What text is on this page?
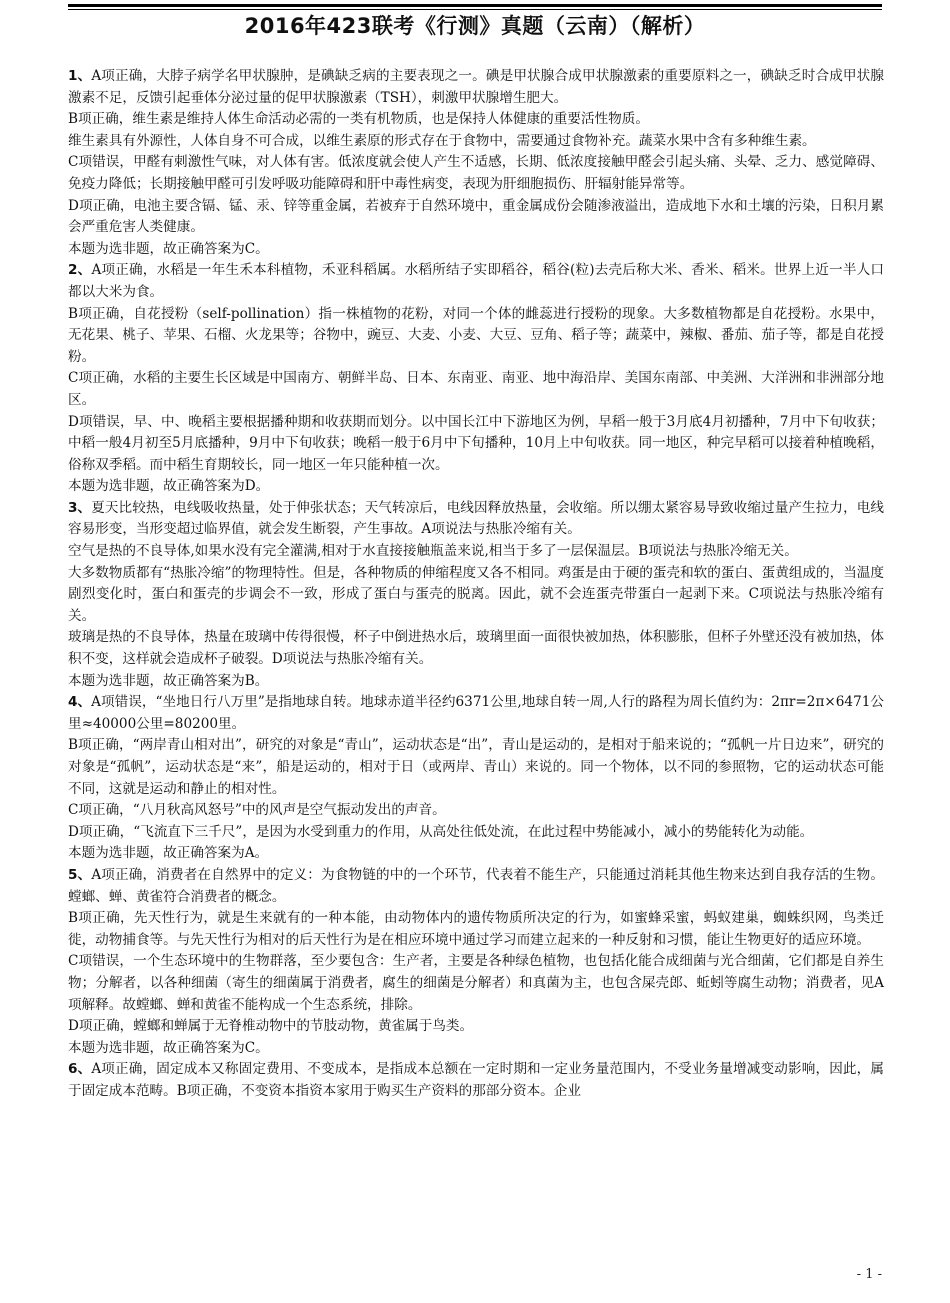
2016年423联考《行测》真题（云南）（解析）

1、A项正确，大脖子病学名甲状腺肿，是碘缺乏病的主要表现之一。碘是甲状腺合成甲状腺激素的重要原料之一，碘缺乏时合成甲状腺激素不足，反馈引起垂体分泌过量的促甲状腺激素（TSH），刺激甲状腺增生肥大。

B项正确，维生素是维持人体生命活动必需的一类有机物质，也是保持人体健康的重要活性物质。

维生素具有外源性，人体自身不可合成，以维生素原的形式存在于食物中，需要通过食物补充。蔬菜水果中含有多种维生素。

C项错误，甲醛有刺激性气味，对人体有害。低浓度就会使人产生不适感，长期、低浓度接触甲醛会引起头痛、头晕、乏力、感觉障碍、免疫力降低；长期接触甲醛可引发呼吸功能障碍和肝中毒性病变，表现为肝细胞损伤、肝辐射能异常等。

D项正确，电池主要含镉、锰、汞、锌等重金属，若被弃于自然环境中，重金属成份会随渗液溢出，造成地下水和土壤的污染，日积月累会严重危害人类健康。

本题为选非题，故正确答案为C。

2、A项正确，水稻是一年生禾本科植物，禾亚科稻属。水稻所结子实即稻谷，稻谷(粒)去壳后称大米、香米、稻米。世界上近一半人口都以大米为食。

B项正确，自花授粉（self-pollination）指一株植物的花粉，对同一个体的雌蕊进行授粉的现象。大多数植物都是自花授粉。水果中，无花果、桃子、苹果、石榴、火龙果等；谷物中，豌豆、大麦、小麦、大豆、豆角、稻子等；蔬菜中，辣椒、番茄、茄子等，都是自花授粉。

C项正确，水稻的主要生长区域是中国南方、朝鲜半岛、日本、东南亚、南亚、地中海沿岸、美国东南部、中美洲、大洋洲和非洲部分地区。

D项错误，早、中、晚稻主要根据播种期和收获期而划分。以中国长江中下游地区为例，早稻一般于3月底4月初播种，7月中下旬收获；中稻一般4月初至5月底播种，9月中下旬收获；晚稻一般于6月中下旬播种，10月上中旬收获。同一地区，种完早稻可以接着种植晚稻，俗称双季稻。而中稻生育期较长，同一地区一年只能种植一次。

本题为选非题，故正确答案为D。

3、夏天比较热，电线吸收热量，处于伸张状态；天气转凉后，电线因释放热量，会收缩。所以绷太紧容易导致收缩过量产生拉力，电线容易形变，当形变超过临界值，就会发生断裂，产生事故。A项说法与热胀冷缩有关。

空气是热的不良导体,如果水没有完全灌满,相对于水直接接触瓶盖来说,相当于多了一层保温层。B项说法与热胀冷缩无关。

大多数物质都有“热胀冷缩”的物理特性。但是，各种物质的伸缩程度又各不相同。鸡蛋是由于硬的蛋壳和软的蛋白、蛋黄组成的，当温度剧烈变化时，蛋白和蛋壳的步调会不一致，形成了蛋白与蛋壳的脱离。因此，就不会连蛋壳带蛋白一起剥下来。C项说法与热胀冷缩有关。

玻璃是热的不良导体，热量在玻璃中传得很慢，杯子中倒进热水后，玻璃里面一面很快被加热，体积膨胀，但杯子外壁还没有被加热，体积不变，这样就会造成杯子破裂。D项说法与热胀冷缩有关。

本题为选非题，故正确答案为B。

4、A项错误，“坐地日行八万里”是指地球自转。地球赤道半径约6371公里,地球自转一周,人行的路程为周长值约为：2πr=2π×6471公里≈40000公里=80200里。

B项正确，“两岸青山相对出”，研究的对象是“青山”，运动状态是“出”，青山是运动的，是相对于船来说的；“孤帆一片日边来”，研究的对象是“孤帆”，运动状态是“来”，船是运动的，相对于日（或两岸、青山）来说的。同一个物体，以不同的参照物，它的运动状态可能不同，这就是运动和静止的相对性。

C项正确，“八月秋高风怒号”中的风声是空气振动发出的声音。

D项正确，“飞流直下三千尺”，是因为水受到重力的作用，从高处往低处流，在此过程中势能减小，减小的势能转化为动能。

本题为选非题，故正确答案为A。

5、A项正确，消费者在自然界中的定义：为食物链的中的一个环节，代表着不能生产，只能通过消耗其他生物来达到自我存活的生物。螳螂、蝉、黄雀符合消费者的概念。

B项正确，先天性行为，就是生来就有的一种本能，由动物体内的遗传物质所决定的行为，如蜜蜂采蜜，蚂蚁建巢，蜘蛛织网，鸟类迁徙，动物捕食等。与先天性行为相对的后天性行为是在相应环境中通过学习而建立起来的一种反射和习惯，能让生物更好的适应环境。

C项错误，一个生态环境中的生物群落，至少要包含：生产者，主要是各种绿色植物，也包括化能合成细菌与光合细菌，它们都是自养生物；分解者，以各种细菌（寄生的细菌属于消费者，腐生的细菌是分解者）和真菌为主，也包含屎壳郎、蚯蚓等腐生动物；消费者，见A项解释。故螳螂、蝉和黄雀不能构成一个生态系统，排除。

D项正确，螳螂和蝉属于无脊椎动物中的节肢动物，黄雀属于鸟类。

本题为选非题，故正确答案为C。

6、A项正确，固定成本又称固定费用、不变成本，是指成本总额在一定时期和一定业务量范围内，不受业务量增减变动影响，因此，属于固定成本范畴。B项正确，不变资本指资本家用于购买生产资料的那部分资本。企业

- 1 -
